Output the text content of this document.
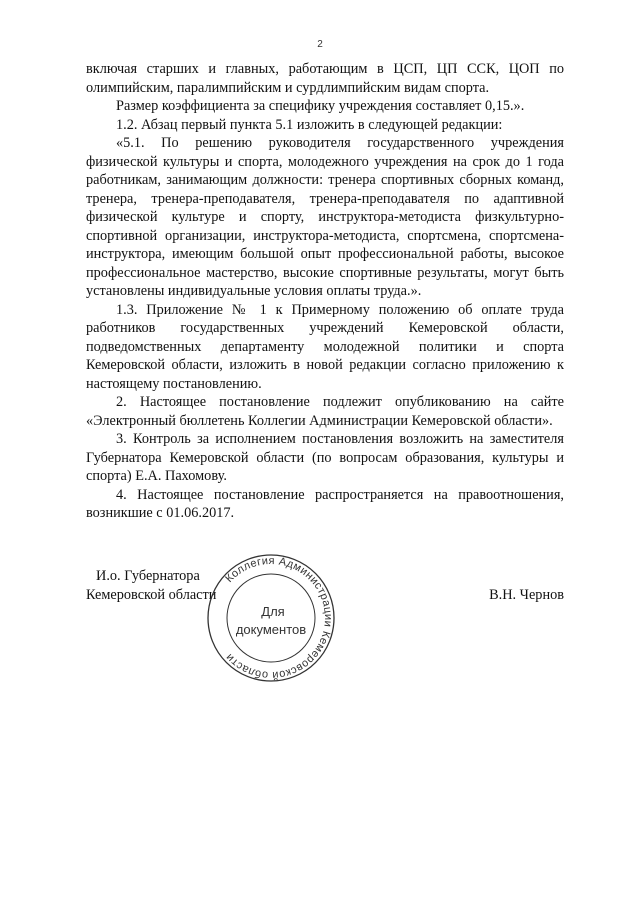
2

включая старших и главных, работающим в ЦСП, ЦП ССК, ЦОП по олимпийским, паралимпийским и сурдлимпийским видам спорта.

Размер коэффициента за специфику учреждения составляет 0,15.».

1.2. Абзац первый пункта 5.1 изложить в следующей редакции:

«5.1. По решению руководителя государственного учреждения физической культуры и спорта, молодежного учреждения на срок до 1 года работникам, занимающим должности: тренера спортивных сборных команд, тренера, тренера-преподавателя, тренера-преподавателя по адаптивной физической культуре и спорту, инструктора-методиста физкультурно-спортивной организации, инструктора-методиста, спортсмена, спортсмена-инструктора, имеющим большой опыт профессиональной работы, высокое профессиональное мастерство, высокие спортивные результаты, могут быть установлены индивидуальные условия оплаты труда.».

1.3. Приложение № 1 к Примерному положению об оплате труда работников государственных учреждений Кемеровской области, подведомственных департаменту молодежной политики и спорта Кемеровской области, изложить в новой редакции согласно приложению к настоящему постановлению.

2. Настоящее постановление подлежит опубликованию на сайте «Электронный бюллетень Коллегии Администрации Кемеровской области».

3. Контроль за исполнением постановления возложить на заместителя Губернатора Кемеровской области (по вопросам образования, культуры и спорта) Е.А. Пахомову.

4. Настоящее постановление распространяется на правоотношения, возникшие с 01.06.2017.

И.о. Губернатора
Кемеровской области	В.Н. Чернов
Коллегия Администрации Кемеровской области
Для
документов
